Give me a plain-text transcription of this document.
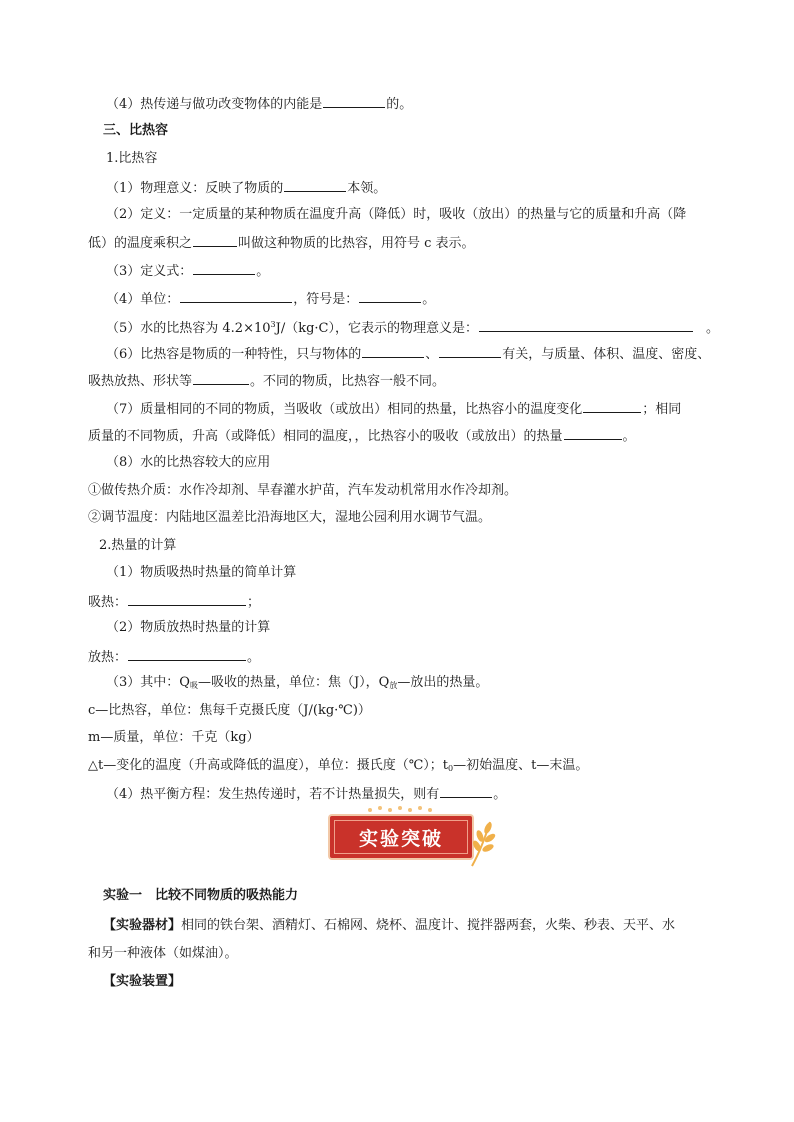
（4）热传递与做功改变物体的内能是	的。
三、比热容
1.比热容
（1）物理意义：反映了物质的	本领。
（2）定义：一定质量的某种物质在温度升高（降低）时，吸收（放出）的热量与它的质量和升高（降
低）的温度乘积之	叫做这种物质的比热容，用符号 c 表示。
（3）定义式：	。
（4）单位：	，符号是：	。
（5）水的比热容为 $4.2\times 10^3J/(kg\cdot C)$，它表示的物理意义是：	。
（6）比热容是物质的一种特性，只与物体的	、	有关，与质量、体积、温度、密度、
吸热放热、形状等	。不同的物质，比热容一般不同。
（7）质量相同的不同的物质，当吸收（或放出）相同的热量，比热容小的温度变化	；相同
质量的不同物质，升高（或降低）相同的温度，，比热容小的吸收（或放出）的热量	。
（8）水的比热容较大的应用
①做传热介质：水作冷却剂、旱春灌水护苗，汽车发动机常用水作冷却剂。
②调节温度：内陆地区温差比沿海地区大，湿地公园利用水调节气温。
2.热量的计算
（1）物质吸热时热量的简单计算
吸热：	；
（2）物质放热时热量的计算
放热：	。
（3）其中：$Q_吸—$吸收的热量，单位：焦（J），$Q_放—$放出的热量。
c—比热容，单位：焦每千克摄氏度（J/(kg·℃)）
m—质量，单位：千克（kg）
△t—变化的温度（升高或降低的温度），单位：摄氏度（℃）；$t_0—$初始温度、t—末温。
（4）热平衡方程：发生热传递时，若不计热量损失，则有	。
实验突破
实验一　比较不同物质的吸热能力
【实验器材】相同的铁台架、酒精灯、石棉网、烧杯、温度计、搅拌器两套，火柴、秒表、天平、水
和另一种液体（如煤油）。
【实验装置】
